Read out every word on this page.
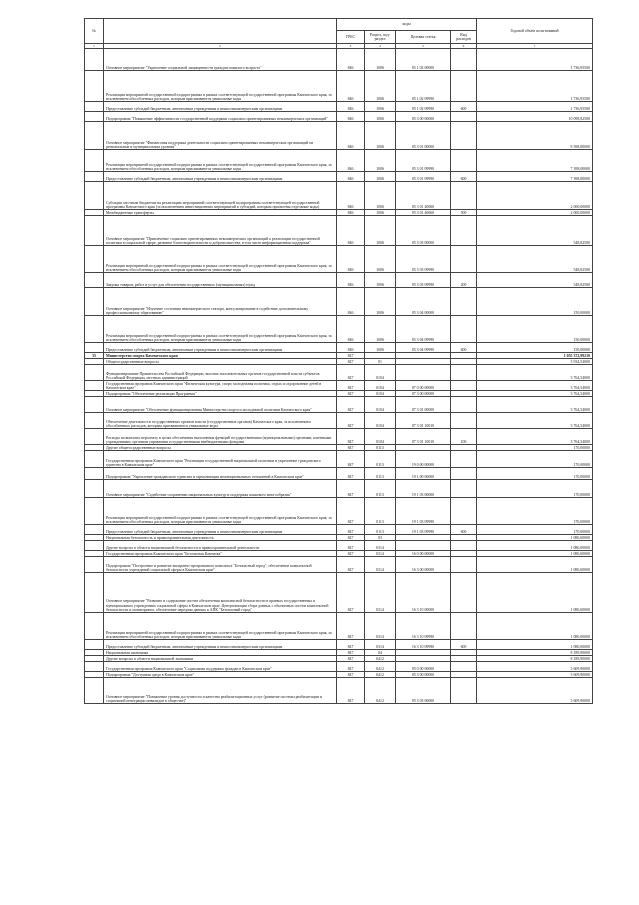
№		коды				Годовой объём ассигнований
		ГРБС	Раздел, под-раздел	Целевая статья	Вид расходов	
1	2	3	4	5	6	7
	Основное мероприятие "Укрепление социальной защищенности граждан пожилого возраста"	846	1006	05 1 02 00000		1 736,95500
	Реализация мероприятий государственной подпрограммы в рамках соответствующей государственной программы Камчатского края, за исключением обособленных расходов, которым присваиваются уникальные коды	846	1006	05 1 02 09990		1 736,95500
	Предоставление субсидий бюджетным, автономным учреждениям и иным некоммерческим организациям	846	1006	05 1 02 09990	600	1 736,95500
	Подпрограмма "Повышение эффективности государственной поддержки социально ориентированных некоммерческих организаций"	846	1006	05 3 00 00000		10 098,82500
	Основное мероприятие "Финансовая поддержка деятельности социально ориентированных некоммерческих организаций на региональном и муниципальном уровнях"	846	1006	05 3 01 00000		9 398,00000
	Реализация мероприятий государственной подпрограммы в рамках соответствующей государственной программы Камчатского края, за исключением обособленных расходов, которым присваиваются уникальные коды	846	1006	05 3 01 09990		7 398,00000
	Предоставление субсидий бюджетным, автономным учреждениям и иным некоммерческим организациям	846	1006	05 3 01 09990	600	7 398,00000
	Субсидии местным бюджетам на реализацию мероприятий соответствующей подпрограммы соответствующей государственной программы Камчатского края (за исключением инвестиционных мероприятий и субсидий, которым присвоены отдельные коды)	846	1006	05 3 01 40060		2 000,00000
	Межбюджетные трансферты	846	1006	05 3 01 40060	500	2 000,00000
	Основное мероприятие "Привлечение социально ориентированных некоммерческих организаций к реализации государственной политики в социальной сфере, развитие благотворительности и добровольчества, в том числе информационная поддержка"	846	1006	05 3 03 00000		548,82500
	Реализация мероприятий государственной подпрограммы в рамках соответствующей государственной программы Камчатского края, за исключением обособленных расходов, которым присваиваются уникальные коды	846	1006	05 3 03 09990		548,82500
	Закупка товаров, работ и услуг для обеспечения государственных (муниципальных) нужд	846	1006	05 3 03 09990	200	548,82500
	Основное мероприятие "Изучение состояния некоммерческого сектора, консультирование в содействие дополнительному профессиональному образованию"	846	1006	05 3 04 00000		150,00000
	Реализация мероприятий государственной подпрограммы в рамках соответствующей государственной программы Камчатского края, за исключением обособленных расходов, которым присваиваются уникальные коды	846	1006	05 3 04 09990		150,00000
	Предоставление субсидий бюджетным, автономным учреждениям и иным некоммерческим организациям	846	1006	05 3 04 09990	600	150,00000
35	Министерство спорта Камчатского края	847				1 055 372,99210
	Общегосударственные вопросы	847	01			3 934,54000
	Функционирование Правительства Российской Федерации, высших исполнительных органов государственной власти субъектов Российской Федерации, местных администраций	847	0104			3 764,54000
	Государственная программа Камчатского края "Физическая культура, спорт, молодежная политика, отдых и оздоровление детей в Камчатском крае"	847	0104	07 0 00 00000		3 764,54000
	Подпрограмма "Обеспечение реализации Программы"	847	0104	07 3 00 00000		3 764,54000
	Основное мероприятие "Обеспечение функционирования Министерства спорта и молодежной политики Камчатского края"	847	0104	07 3 01 00000		3 764,54000
	Обеспечение деятельности государственных органов власти (государственных органов) Камчатского края, за исключением обособленных расходов, которым присваиваются уникальные коды	847	0104	07 3 01 10010		3 764,54000
	Расходы на выплаты персоналу в целях обеспечения выполнения функций государственными (муниципальными) органами, казенными учреждениями, органами управления государственными внебюджетными фондами	847	0104	07 3 01 10010	100	3 764,54000
	Другие общегосударственные вопросы	847	0113			170,00000
	Государственная программа Камчатского края "Реализация государственной национальной политики и укрепление гражданского единства в Камчатском крае"	847	0113	19 0 00 00000		170,00000
	Подпрограмма "Укрепление гражданского единства и гармонизация межнациональных отношений в Камчатском крае"	847	0113	19 1 00 00000		170,00000
	Основное мероприятие "Содействие сохранению национальных культур и поддержка языкового многообразия"	847	0113	19 1 03 00000		170,00000
	Реализация мероприятий государственной подпрограммы в рамках соответствующей государственной программы Камчатского края, за исключением обособленных расходов, которым присваиваются уникальные коды	847	0113	19 1 03 09990		170,00000
	Предоставление субсидий бюджетным, автономным учреждениям и иным некоммерческим организациям	847	0113	19 1 03 09990	600	170,00000
	Национальная безопасность и правоохранительная деятельность	847	03			1 080,00000
	Другие вопросы в области национальной безопасности и правоохранительной деятельности	847	0314			1 080,00000
	Государственная программа Камчатского края "Безопасная Камчатка"	847	0314	16 0 00 00000		1 080,00000
	Подпрограмма "Построение и развитие аппаратно-программного комплекса "Безопасный город", обеспечение комплексной безопасности учреждений социальной сферы в Камчатском крае"	847	0314	16 3 00 00000		1 080,00000
	Основное мероприятие "Развитие и содержание систем обеспечения комплексной безопасности в краевых государственных и муниципальных учреждениях социальной сферы в Камчатском крае. Централизация сбора данных с объектовых систем комплексной безопасности и мониторинга, обеспечение передачи данных в АПК "Безопасный город"	847	0314	16 3 10 00000		1 080,00000
	Реализация мероприятий государственной подпрограммы в рамках соответствующей государственной программы Камчатского края, за исключением обособленных расходов, которым присваиваются уникальные коды	847	0314	16 3 10 09990		1 080,00000
	Предоставление субсидий бюджетным, автономным учреждениям и иным некоммерческим организациям	847	0314	16 3 10 09990	600	1 080,00000
	Национальная экономика	847	04			8 189,90000
	Другие вопросы в области национальной экономики	847	0412			8 189,90000
	Государственная программа Камчатского края "Социальная поддержка граждан в Камчатском крае"	847	0412	05 0 00 00000		5 609,90000
	Подпрограмма "Доступная среда в Камчатском крае"	847	0412	05 3 00 00000		5 609,90000
	Основное мероприятие "Повышение уровня доступности и качества реабилитационных услуг (развитие системы реабилитации и социальной интеграции инвалидов в обществе)"	847	0412	05 3 03 00000		5 609,90000
